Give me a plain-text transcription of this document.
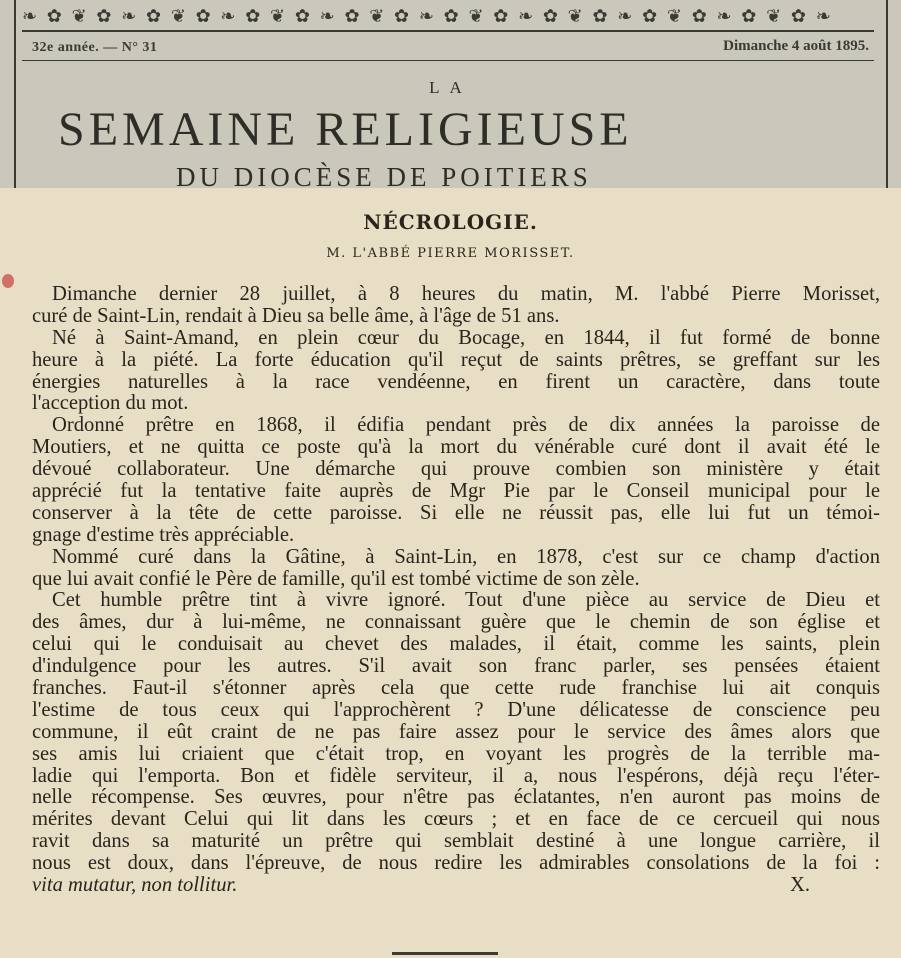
❧ ✿ ❦ ✿ ❧ ✿ ❦ ✿ ❧ ✿ ❦ ✿ ❧ ✿ ❦ ✿ ❧ ✿ ❦ ✿ ❧ ✿ ❦ ✿ ❧ ✿ ❦ ✿ ❧ ✿ ❦ ✿ ❧
32e année. — N° 31	Dimanche 4 août 1895.
LA
SEMAINE RELIGIEUSE
DU DIOCÈSE DE POITIERS
NÉCROLOGIE.
M. L'ABBÉ PIERRE MORISSET.
Dimanche dernier 28 juillet, à 8 heures du matin, M. l'abbé Pierre Morisset,
curé de Saint-Lin, rendait à Dieu sa belle âme, à l'âge de 51 ans.
Né à Saint-Amand, en plein cœur du Bocage, en 1844, il fut formé de bonne
heure à la piété. La forte éducation qu'il reçut de saints prêtres, se greffant sur les
énergies naturelles à la race vendéenne, en firent un caractère, dans toute
l'acception du mot.
Ordonné prêtre en 1868, il édifia pendant près de dix années la paroisse de
Moutiers, et ne quitta ce poste qu'à la mort du vénérable curé dont il avait été le
dévoué collaborateur. Une démarche qui prouve combien son ministère y était
apprécié fut la tentative faite auprès de Mgr Pie par le Conseil municipal pour le
conserver à la tête de cette paroisse. Si elle ne réussit pas, elle lui fut un témoi-
gnage d'estime très appréciable.
Nommé curé dans la Gâtine, à Saint-Lin, en 1878, c'est sur ce champ d'action
que lui avait confié le Père de famille, qu'il est tombé victime de son zèle.
Cet humble prêtre tint à vivre ignoré. Tout d'une pièce au service de Dieu et
des âmes, dur à lui-même, ne connaissant guère que le chemin de son église et
celui qui le conduisait au chevet des malades, il était, comme les saints, plein
d'indulgence pour les autres. S'il avait son franc parler, ses pensées étaient
franches. Faut-il s'étonner après cela que cette rude franchise lui ait conquis
l'estime de tous ceux qui l'approchèrent ? D'une délicatesse de conscience peu
commune, il eût craint de ne pas faire assez pour le service des âmes alors que
ses amis lui criaient que c'était trop, en voyant les progrès de la terrible ma-
ladie qui l'emporta. Bon et fidèle serviteur, il a, nous l'espérons, déjà reçu l'éter-
nelle récompense. Ses œuvres, pour n'être pas éclatantes, n'en auront pas moins de
mérites devant Celui qui lit dans les cœurs ; et en face de ce cercueil qui nous
ravit dans sa maturité un prêtre qui semblait destiné à une longue carrière, il
nous est doux, dans l'épreuve, de nous redire les admirables consolations de la foi :
vita mutatur, non tollitur.	X.
